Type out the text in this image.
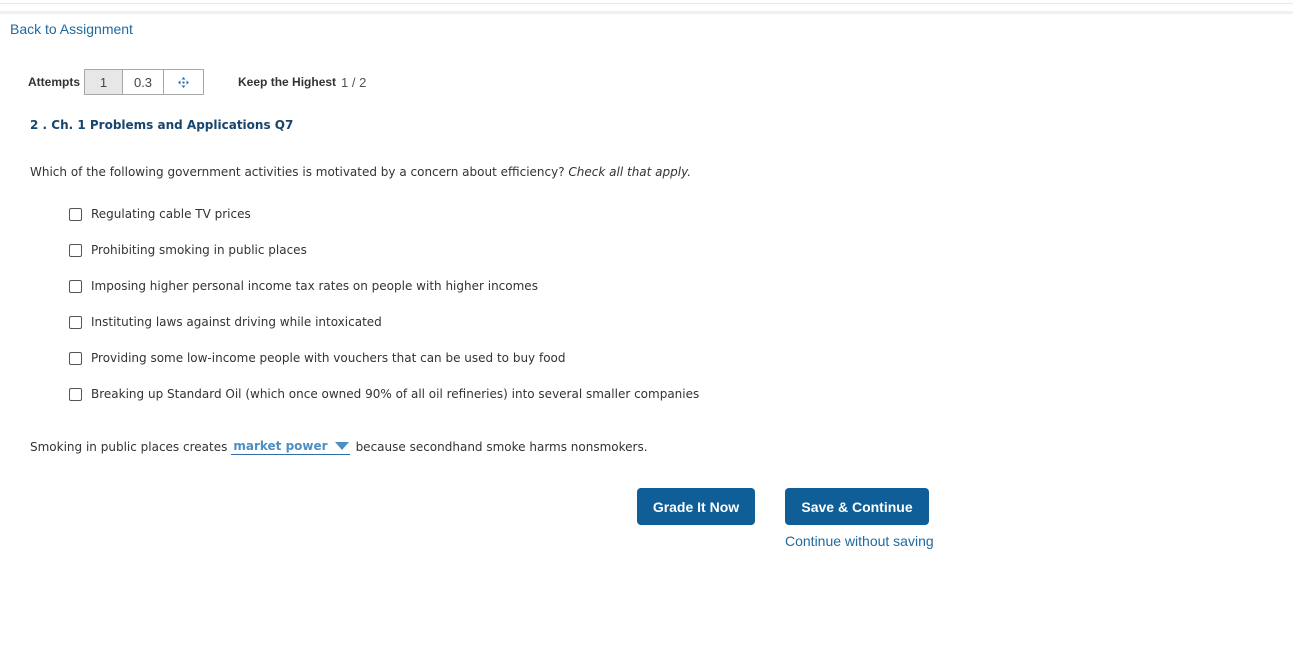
Back to Assignment
Attempts	1	0.3	Keep the Highest 1 / 2
2 . Ch. 1 Problems and Applications Q7
Which of the following government activities is motivated by a concern about efficiency? Check all that apply.
Regulating cable TV prices
Prohibiting smoking in public places
Imposing higher personal income tax rates on people with higher incomes
Instituting laws against driving while intoxicated
Providing some low-income people with vouchers that can be used to buy food
Breaking up Standard Oil (which once owned 90% of all oil refineries) into several smaller companies
Smoking in public places creates market power because secondhand smoke harms nonsmokers.
Grade It Now	Save & Continue
Continue without saving
